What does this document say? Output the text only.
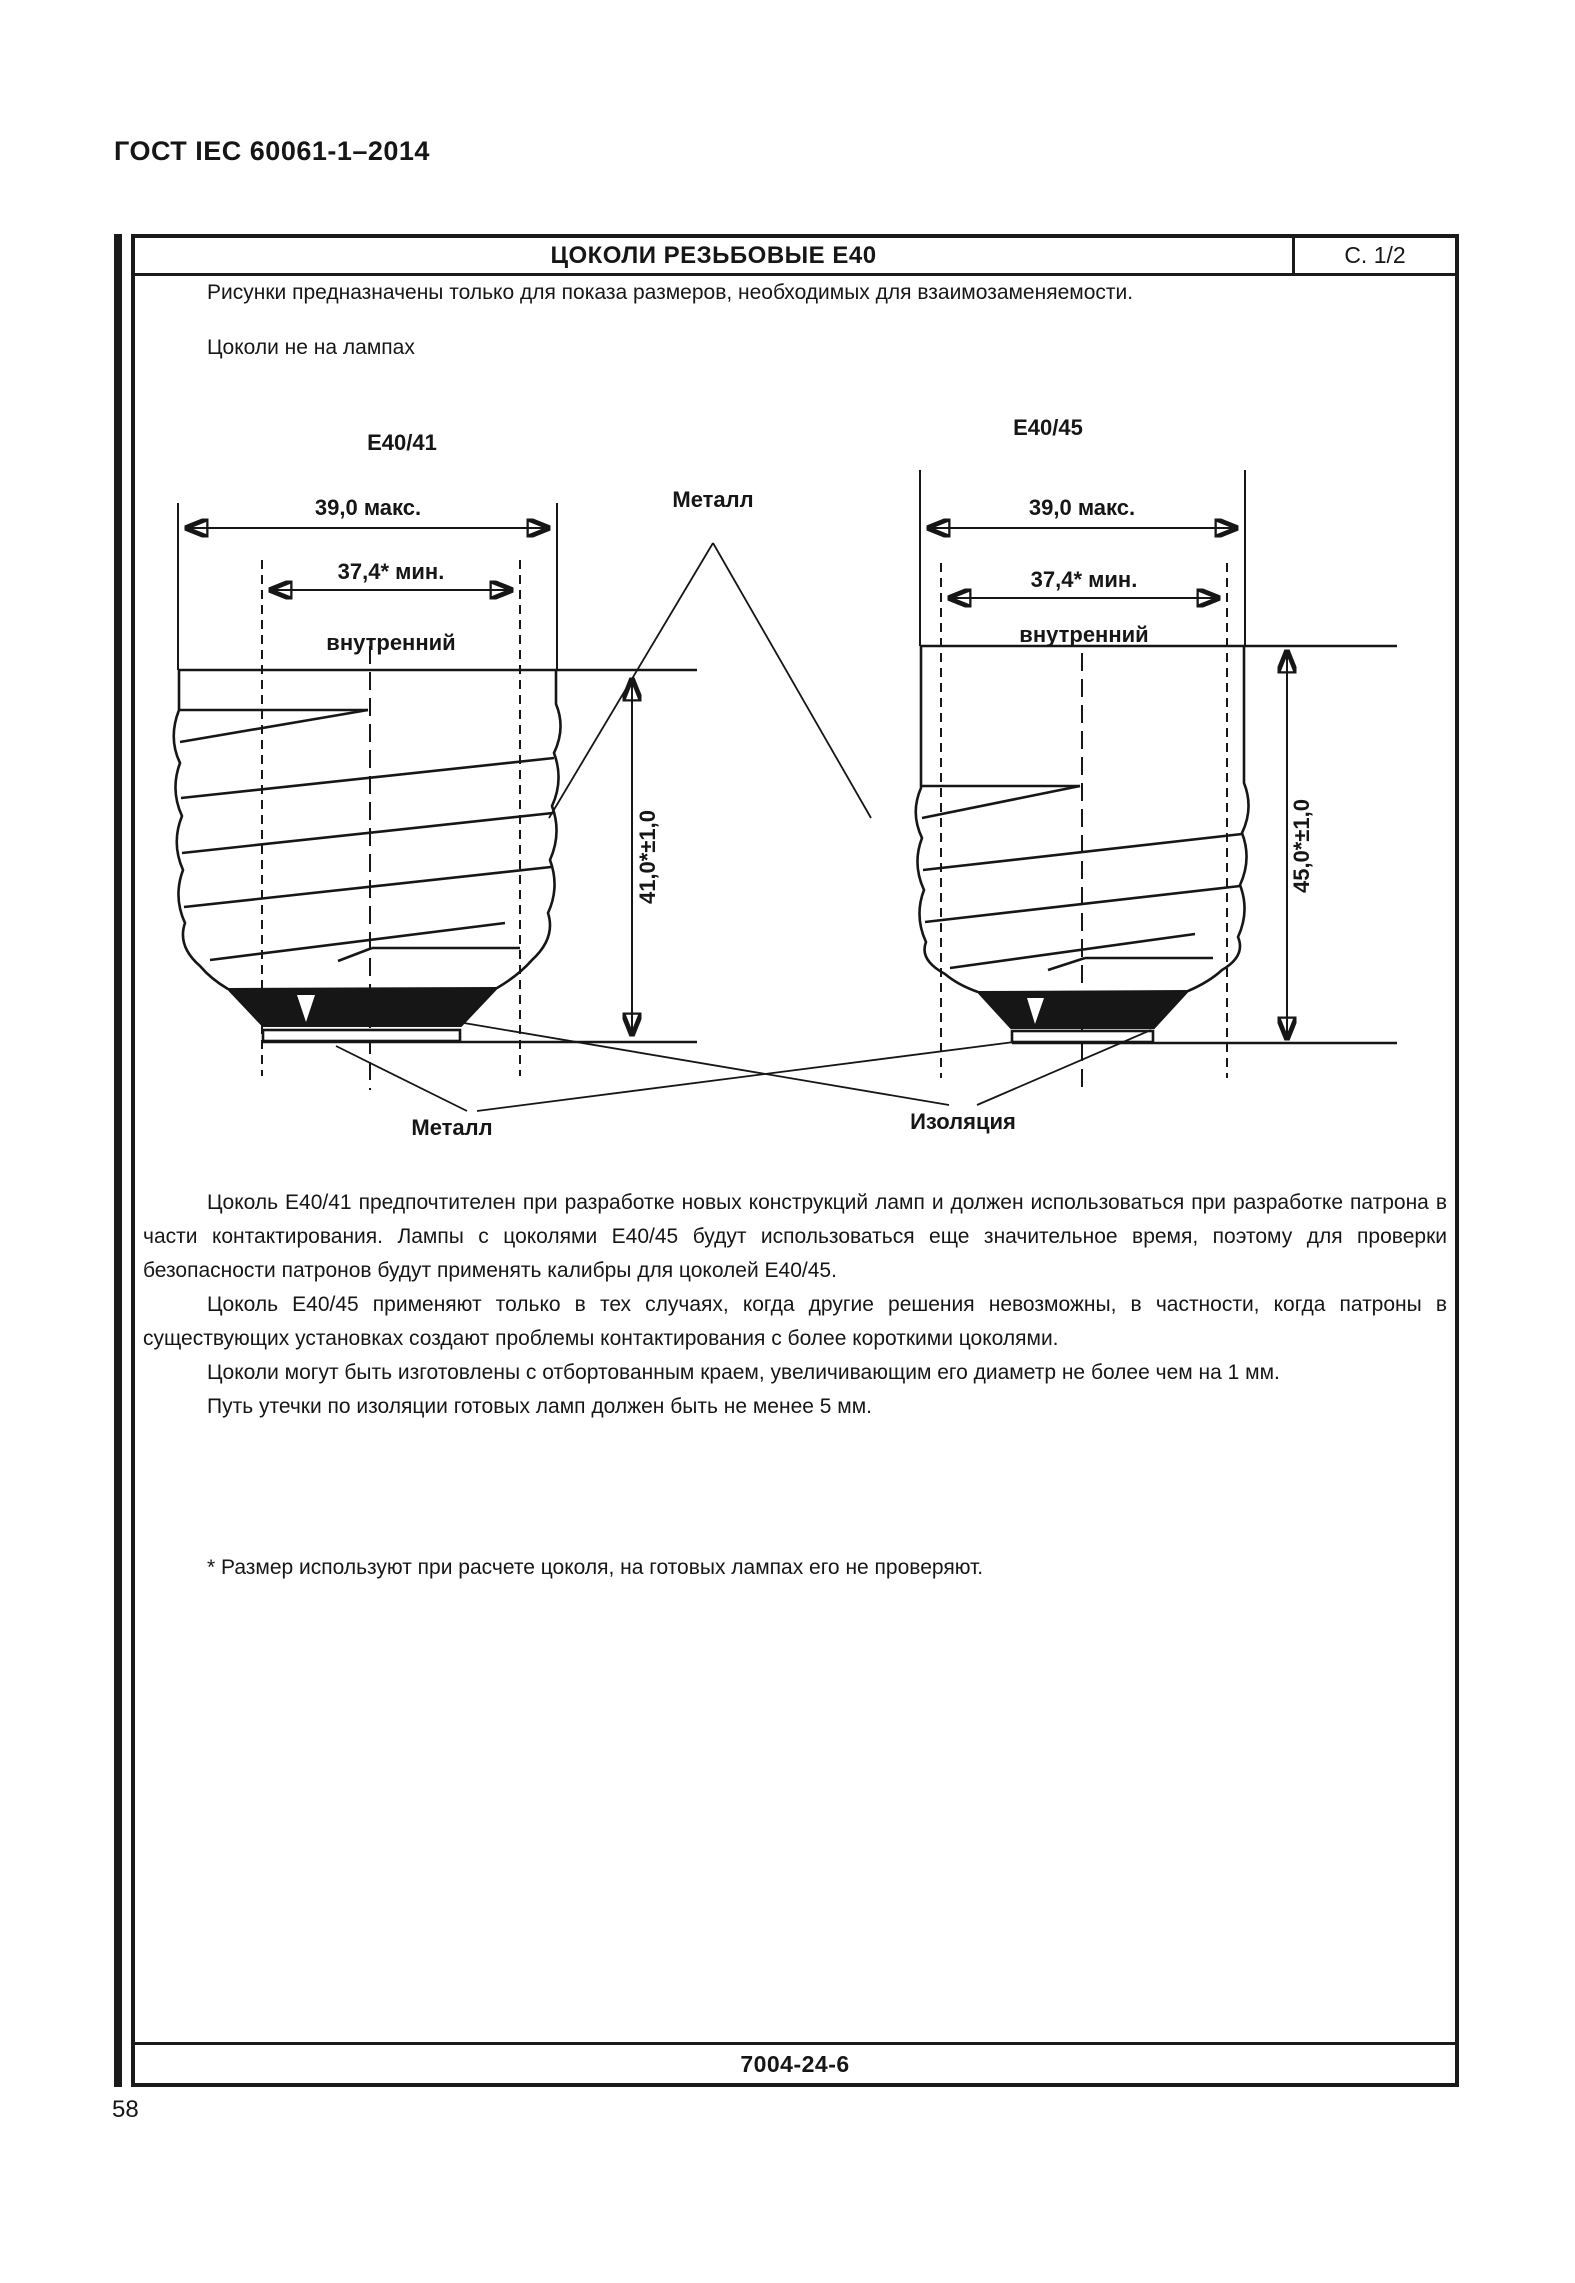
ГОСТ IEC 60061-1–2014
ЦОКОЛИ РЕЗЬБОВЫЕ Е40	С. 1/2
Рисунки предназначены только для показа размеров, необходимых для взаимозаменяемости.
Цоколи не на лампах
Е40/41
Е40/45
39,0 макс.
37,4* мин.
внутренний
41,0*±1,0
39,0 макс.
37,4* мин.
внутренний
45,0*±1,0
Металл
Металл	Изоляция

Цоколь Е40/41 предпочтителен при разработке новых конструкций ламп и должен использоваться при разработке патрона в части контактирования. Лампы с цоколями Е40/45 будут использоваться еще значительное время, поэтому для проверки безопасности патронов будут применять калибры для цоколей Е40/45.

Цоколь Е40/45 применяют только в тех случаях, когда другие решения невозможны, в частности, когда патроны в существующих установках создают проблемы контактирования с более короткими цоколями.

Цоколи могут быть изготовлены с отбортованным краем, увеличивающим его диаметр не более чем на 1 мм.

Путь утечки по изоляции готовых ламп должен быть не менее 5 мм.

* Размер используют при расчете цоколя, на готовых лампах его не проверяют.
7004-24-6
58
